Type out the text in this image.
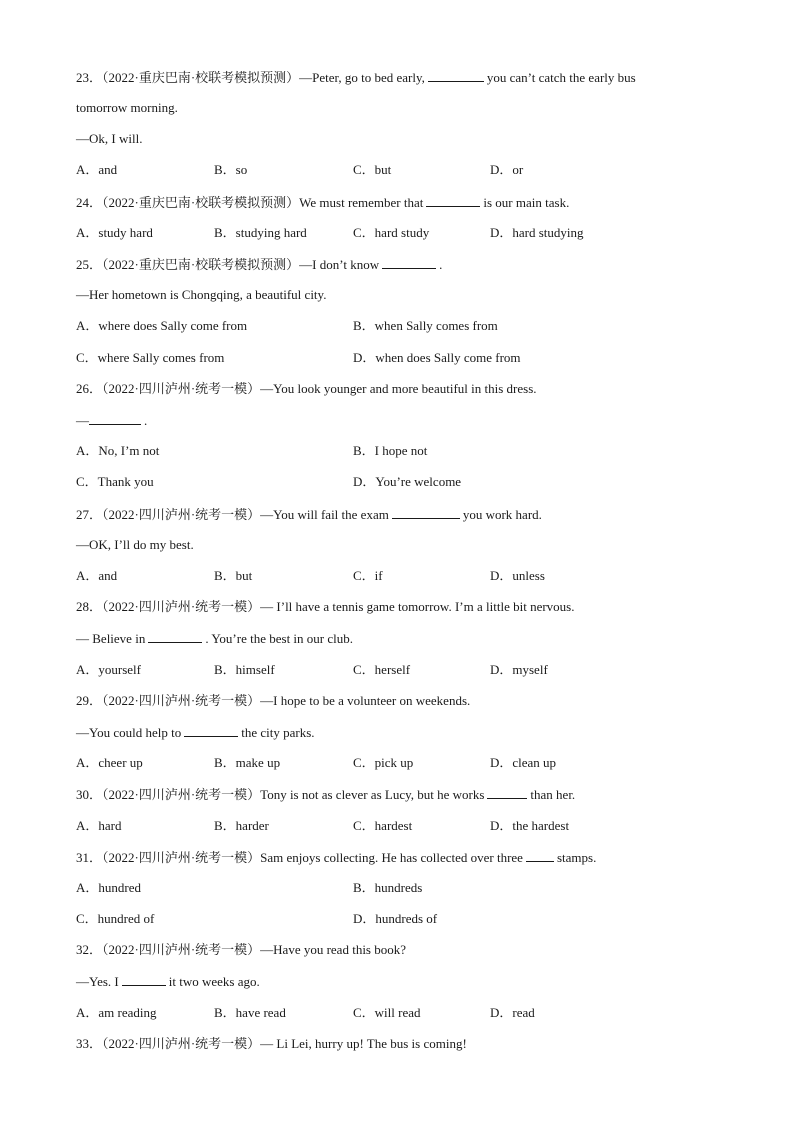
23．（2022·重庆巴南·校联考模拟预测）—Peter, go to bed early,	you can’t catch the early bus
tomorrow morning.
—Ok, I will.
A．and	B．so	C．but	D．or
24．（2022·重庆巴南·校联考模拟预测）We must remember that	is our main task.
A．study hard	B．studying hard	C．hard study	D．hard studying
25．（2022·重庆巴南·校联考模拟预测）—I don’t know	.
—Her hometown is Chongqing, a beautiful city.
A．where does Sally come from	B．when Sally comes from
C．where Sally comes from	D．when does Sally come from
26．（2022·四川泸州·统考一模）—You look younger and more beautiful in this dress.
—	.
A．No, I’m not	B．I hope not
C．Thank you	D．You’re welcome
27．（2022·四川泸州·统考一模）—You will fail the exam	you work hard.
—OK, I’ll do my best.
A．and	B．but	C．if	D．unless
28．（2022·四川泸州·统考一模）— I’ll have a tennis game tomorrow. I’m a little bit nervous.
— Believe in	. You’re the best in our club.
A．yourself	B．himself	C．herself	D．myself
29．（2022·四川泸州·统考一模）—I hope to be a volunteer on weekends.
—You could help to	the city parks.
A．cheer up	B．make up	C．pick up	D．clean up
30．（2022·四川泸州·统考一模）Tony is not as clever as Lucy, but he works	than her.
A．hard	B．harder	C．hardest	D．the hardest
31．（2022·四川泸州·统考一模）Sam enjoys collecting. He has collected over three	stamps.
A．hundred	B．hundreds
C．hundred of	D．hundreds of
32．（2022·四川泸州·统考一模）—Have you read this book?
—Yes. I	it two weeks ago.
A．am reading	B．have read	C．will read	D．read
33．（2022·四川泸州·统考一模）— Li Lei, hurry up! The bus is coming!
